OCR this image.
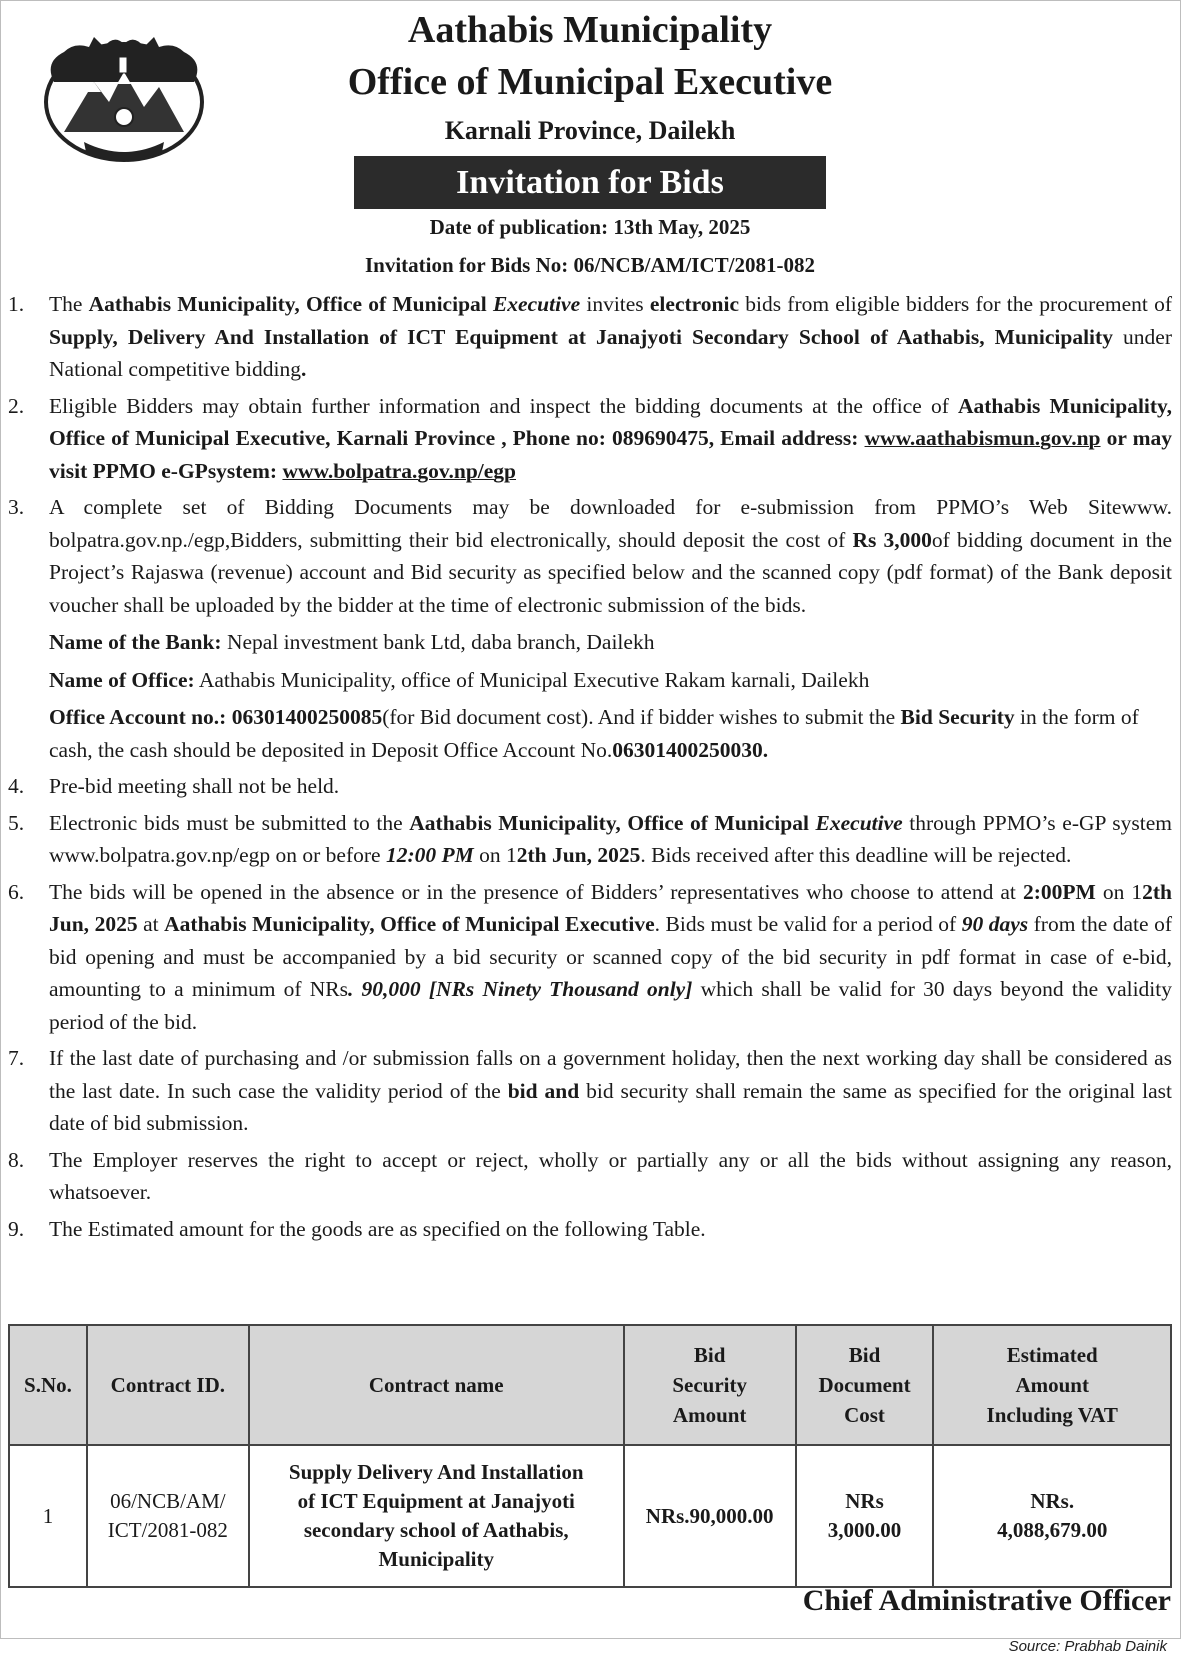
Aathabis Municipality
Office of Municipal Executive
Karnali Province, Dailekh
Invitation for Bids
Date of publication: 13th May, 2025
Invitation for Bids No: 06/NCB/AM/ICT/2081-082
1.	The Aathabis Municipality, Office of Municipal Executive invites electronic bids from eligible bidders for the procurement of Supply, Delivery And Installation of ICT Equipment at Janajyoti Secondary School of Aathabis, Municipality under National competitive bidding.

2.	Eligible Bidders may obtain further information and inspect the bidding documents at the office of Aathabis Municipality, Office of Municipal Executive, Karnali Province , Phone no: 089690475, Email address: www.aathabismun.gov.np or may visit PPMO e-GPsystem: www.bolpatra.gov.np/egp

3.	A complete set of Bidding Documents may be downloaded for e-submission from PPMO’s Web Sitewww. bolpatra.gov.np./egp,Bidders, submitting their bid electronically, should deposit the cost of Rs 3,000of bidding document in the Project’s Rajaswa (revenue) account and Bid security as specified below and the scanned copy (pdf format) of the Bank deposit voucher shall be uploaded by the bidder at the time of electronic submission of the bids.

Name of the Bank: Nepal investment bank Ltd, daba branch, Dailekh

Name of Office: Aathabis Municipality, office of Municipal Executive Rakam karnali, Dailekh

Office Account no.: 06301400250085(for Bid document cost). And if bidder wishes to submit the Bid Security in the form of cash, the cash should be deposited in Deposit Office Account No.06301400250030.

4.	Pre-bid meeting shall not be held.

5.	Electronic bids must be submitted to the Aathabis Municipality, Office of Municipal Executive through PPMO’s e-GP system www.bolpatra.gov.np/egp on or before 12:00 PM on 12th Jun, 2025. Bids received after this deadline will be rejected.

6.	The bids will be opened in the absence or in the presence of Bidders’ representatives who choose to attend at 2:00PM on 12th Jun, 2025 at Aathabis Municipality, Office of Municipal Executive. Bids must be valid for a period of 90 days from the date of bid opening and must be accompanied by a bid security or scanned copy of the bid security in pdf format in case of e-bid, amounting to a minimum of NRs. 90,000 [NRs Ninety Thousand only] which shall be valid for 30 days beyond the validity period of the bid.

7.	If the last date of purchasing and /or submission falls on a government holiday, then the next working day shall be considered as the last date. In such case the validity period of the bid and bid security shall remain the same as specified for the original last date of bid submission.

8.	The Employer reserves the right to accept or reject, wholly or partially any or all the bids without assigning any reason, whatsoever.

9.	The Estimated amount for the goods are as specified on the following Table.

S.No.	Contract ID.	Contract name	Bid
Security
Amount	Bid
Document
Cost	Estimated
Amount
Including VAT
1	06/NCB/AM/
ICT/2081-082	Supply Delivery And Installation
of ICT Equipment at Janajyoti
secondary school of Aathabis,
Municipality	NRs.90,000.00	NRs
3,000.00	NRs.
4,088,679.00
Chief Administrative Officer
Source: Prabhab Dainik
